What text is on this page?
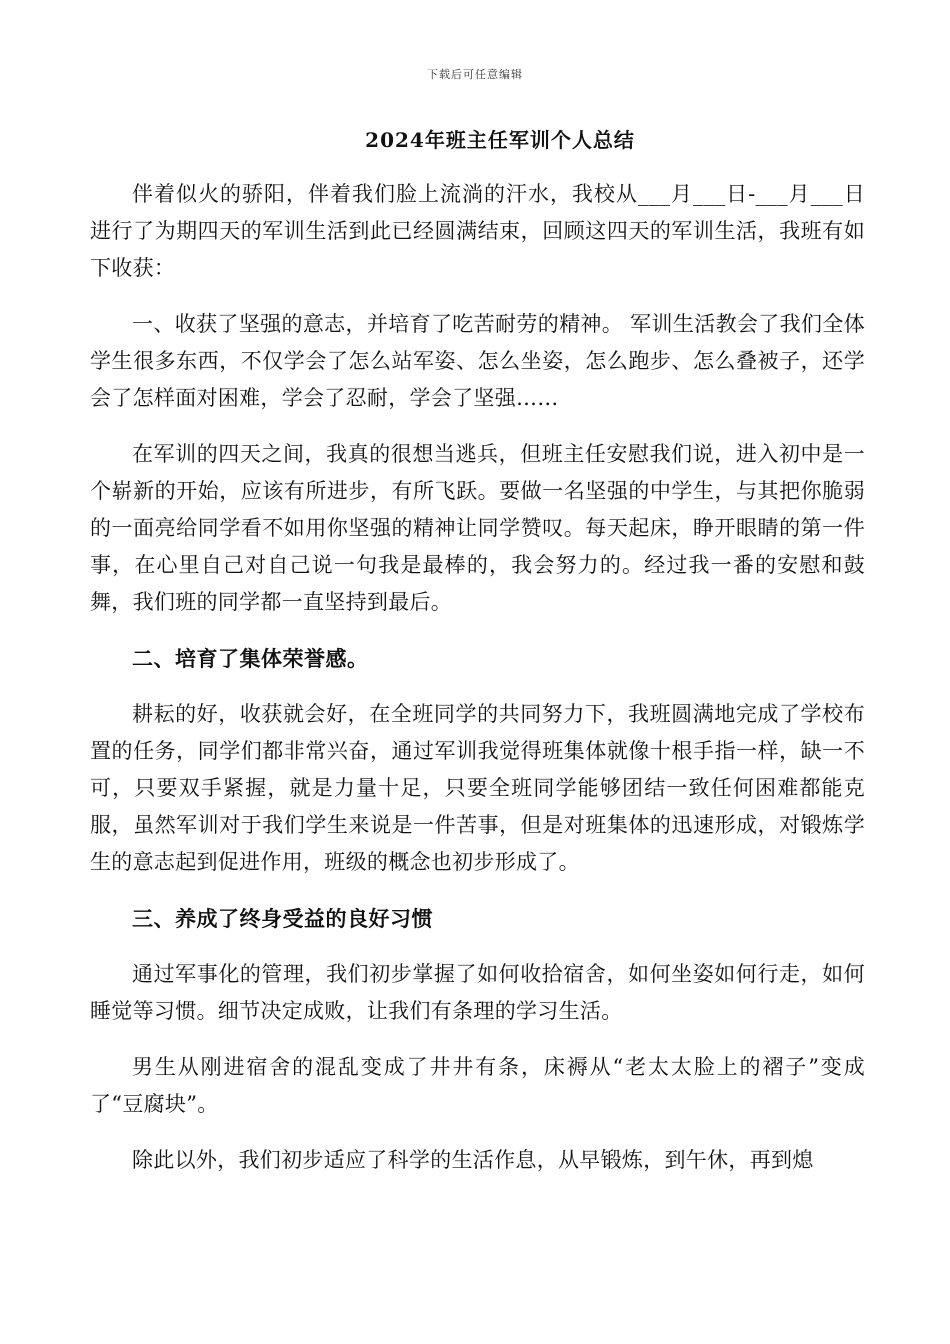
下载后可任意编辑
2024年班主任军训个人总结

伴着似火的骄阳，伴着我们脸上流淌的汗水，我校从___月___日-___月___日进行了为期四天的军训生活到此已经圆满结束，回顾这四天的军训生活，我班有如下收获：

一、收获了坚强的意志，并培育了吃苦耐劳的精神。 军训生活教会了我们全体学生很多东西，不仅学会了怎么站军姿、怎么坐姿，怎么跑步、怎么叠被子，还学会了怎样面对困难，学会了忍耐，学会了坚强……

在军训的四天之间，我真的很想当逃兵，但班主任安慰我们说，进入初中是一个崭新的开始，应该有所进步，有所飞跃。要做一名坚强的中学生，与其把你脆弱的一面亮给同学看不如用你坚强的精神让同学赞叹。每天起床，睁开眼睛的第一件事，在心里自己对自己说一句我是最棒的，我会努力的。经过我一番的安慰和鼓舞，我们班的同学都一直坚持到最后。

二、培育了集体荣誉感。

耕耘的好，收获就会好，在全班同学的共同努力下，我班圆满地完成了学校布置的任务，同学们都非常兴奋，通过军训我觉得班集体就像十根手指一样，缺一不可，只要双手紧握，就是力量十足，只要全班同学能够团结一致任何困难都能克服，虽然军训对于我们学生来说是一件苦事，但是对班集体的迅速形成，对锻炼学生的意志起到促进作用，班级的概念也初步形成了。

三、养成了终身受益的良好习惯

通过军事化的管理，我们初步掌握了如何收拾宿舍，如何坐姿如何行走，如何睡觉等习惯。细节决定成败，让我们有条理的学习生活。

男生从刚进宿舍的混乱变成了井井有条，床褥从“老太太脸上的褶子”变成了“豆腐块”。

除此以外，我们初步适应了科学的生活作息，从早锻炼，到午休，再到熄
